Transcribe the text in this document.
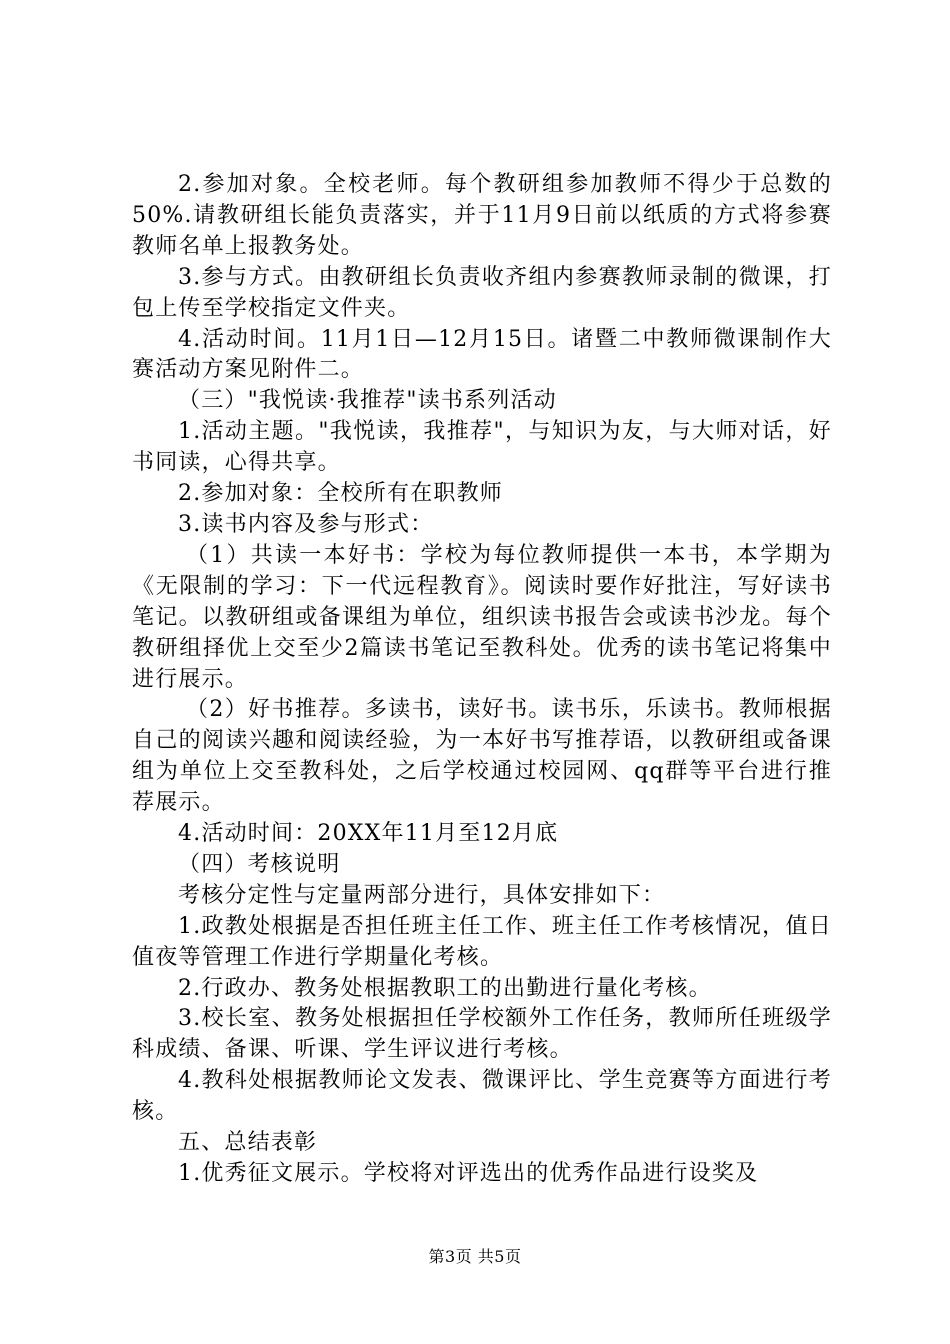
2.参加对象。全校老师。每个教研组参加教师不得少于总数的50%.请教研组长能负责落实，并于11月9日前以纸质的方式将参赛教师名单上报教务处。

3.参与方式。由教研组长负责收齐组内参赛教师录制的微课，打包上传至学校指定文件夹。

4.活动时间。11月1日—12月15日。诸暨二中教师微课制作大赛活动方案见附件二。

（三）"我悦读·我推荐"读书系列活动

1.活动主题。"我悦读，我推荐"，与知识为友，与大师对话，好书同读，心得共享。

2.参加对象：全校所有在职教师

3.读书内容及参与形式：

（1）共读一本好书：学校为每位教师提供一本书，本学期为《无限制的学习：下一代远程教育》。阅读时要作好批注，写好读书笔记。以教研组或备课组为单位，组织读书报告会或读书沙龙。每个教研组择优上交至少2篇读书笔记至教科处。优秀的读书笔记将集中进行展示。

（2）好书推荐。多读书，读好书。读书乐，乐读书。教师根据自己的阅读兴趣和阅读经验，为一本好书写推荐语，以教研组或备课组为单位上交至教科处，之后学校通过校园网、qq群等平台进行推荐展示。

4.活动时间：20XX年11月至12月底

（四）考核说明

考核分定性与定量两部分进行，具体安排如下：

1.政教处根据是否担任班主任工作、班主任工作考核情况，值日值夜等管理工作进行学期量化考核。

2.行政办、教务处根据教职工的出勤进行量化考核。

3.校长室、教务处根据担任学校额外工作任务，教师所任班级学科成绩、备课、听课、学生评议进行考核。

4.教科处根据教师论文发表、微课评比、学生竞赛等方面进行考核。

五、总结表彰

1.优秀征文展示。学校将对评选出的优秀作品进行设奖及

第3页 共5页
